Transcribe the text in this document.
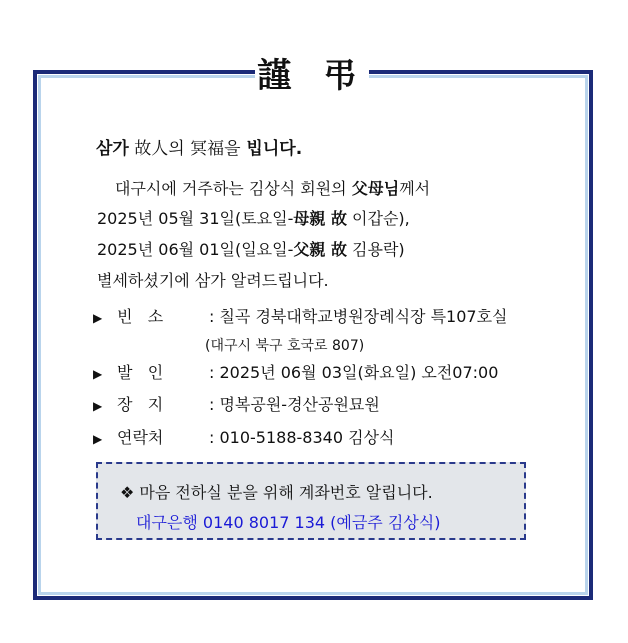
謹 弔
삼가 故人의 冥福을 빕니다.
대구시에 거주하는 김상식 회원의 父母님께서
2025년 05월 31일(토요일-母親 故 이갑순),
2025년 06월 01일(일요일-父親 故 김용락)
별세하셨기에 삼가 알려드립니다.
▶ 빈   소	: 칠곡 경북대학교병원장례식장 특107호실
(대구시 북구 호국로 807)
▶ 발   인	: 2025년 06월 03일(화요일) 오전07:00
▶ 장   지	: 명복공원-경산공원묘원
▶ 연락처	: 010-5188-8340 김상식
❖ 마음 전하실 분을 위해 계좌번호 알립니다.
대구은행 0140 8017 134 (예금주 김상식)
